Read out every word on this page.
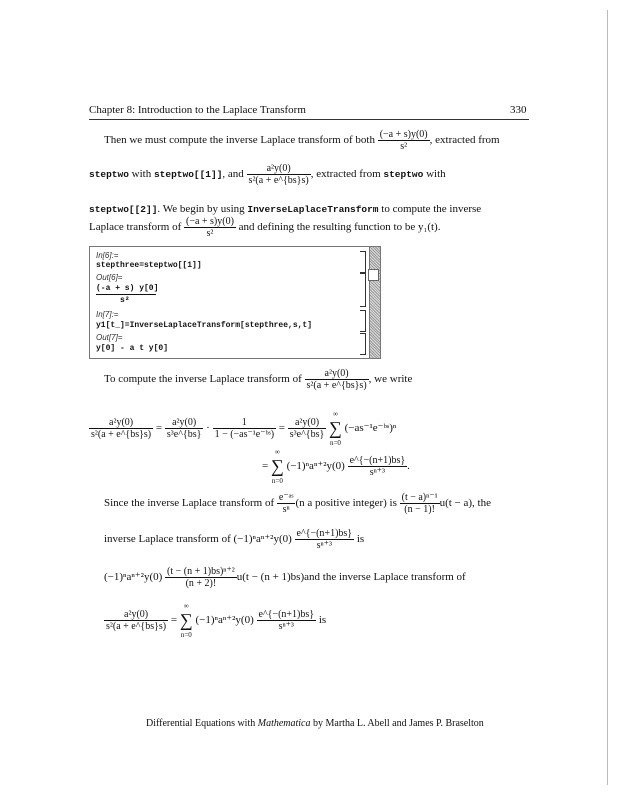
Chapter 8: Introduction to the Laplace Transform	330
Then we must compute the inverse Laplace transform of both $\frac{(-a + s)y(0)}{\text{s²}}$ , extracted from
steptwo with steptwo[[1]], and $\frac{\text{a²y(0)}}{\text{s²(a + e\textasciicircum{}\{bs\}s)}}$ , extracted from steptwo with
steptwo[[2]]. We begin by using InverseLaplaceTransform to compute the inverse
Laplace transform of $\frac{(-a + s)y(0)}{\text{s²}}$ and defining the resulting function to be y₁(t).
In[6]:=
stepthree=steptwo[[1]]
Out[6]=
(-a + s) y[0]
s²
In[7]:=
y1[t_]=InverseLaplaceTransform[stepthree,s,t]
Out[7]=
y[0] - a t y[0]
To compute the inverse Laplace transform of $\frac{\text{a²y(0)}}{\text{s²(a + e\textasciicircum{}\{bs\}s)}}$ , we write
$\frac{\text{a²y(0)}}{\text{s²(a + e\textasciicircum{}\{bs\}s)}} = \frac{\text{a²y(0)}}{\text{s³e\textasciicircum{}\{bs\}}} \cdot \frac{1}{\text{1 − (−as⁻¹e⁻ᵇˢ)}} = \frac{\text{a²y(0)}}{\text{s³e\textasciicircum{}\{bs\}}}$

∞
∑
n=0
(−as⁻¹e⁻ᵇˢ)ⁿ
=
∞
∑
n=0
$(-1)^na^{n+2}y(0) \frac{e\^{}\{-(n+1)bs\}}{\text{sⁿ⁺³}}$ .
Since the inverse Laplace transform of $\frac{\text{e⁻ᵃˢ}}{\text{sⁿ}} (n$ a positive integer) is $\frac{\text{(t − a)ⁿ⁻¹}}{(n - 1)!} u(t - a)$, the
inverse Laplace transform of $(-1)^na^{n+2}y(0) \frac{e\^{}\{-(n+1)bs\}}{\text{sⁿ⁺³}}$ is
$(-1)^na^{n+2}y(0) \frac{\text{(t − (n + 1)bs)ⁿ⁺²}}{(n + 2)!} u(t - (n + 1)bs)and$ the inverse Laplace transform of
$\frac{\text{a²y(0)}}{\text{s²(a + e\textasciicircum{}\{bs\}s)}}$ =
∞
∑
n=0
$(-1)^na^{n+2}y(0) \frac{e\^{}\{-(n+1)bs\}}{\text{sⁿ⁺³}}$ is
Differential Equations with Mathematica by Martha L. Abell and James P. Braselton
